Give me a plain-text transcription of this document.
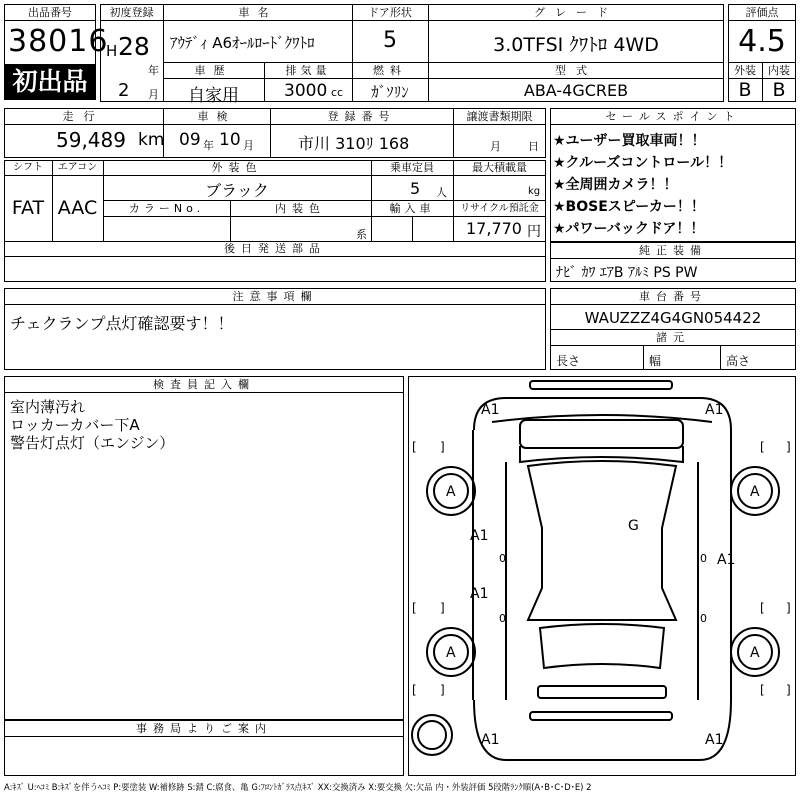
出品番号
38016
初出品
初度登録
H 28
年
2 月
車名
ｱｳﾃﾞｨ A6ｵｰﾙﾛｰﾄﾞｸﾜﾄﾛ
ドア形状
5
グレード
3.0TFSI ｸﾜﾄﾛ 4WD
車歴
自家用
排気量
3000 cc
燃料
ｶﾞｿﾘﾝ
型式
ABA-4GCREB
評価点
4.5
外装	内装
B	B
走行
59,489 km
車検
09 年 10 月
登録番号
市川 310ﾘ 168
譲渡書類期限
月 日
シフト
FAT
エアコン
AAC
外装色
ブラック
乗車定員
5 人
最大積載量
kg
カラーNo.	内装色
系
輸入車	リサイクル預託金
17,770 円
後日発送部品
セールスポイント
★ユーザー買取車両！！
★クルーズコントロール！！
★全周囲カメラ！！
★BOSEスピーカー！！
★パワーバックドア！！
純正装備
ﾅﾋﾞ ｶﾜ ｴｱB ｱﾙﾐ PS PW
注意事項欄
チェクランプ点灯確認要す！！
車台番号
WAUZZZ4G4GN054422
諸元
長さ	幅	高さ
検査員記入欄
室内薄汚れ
ロッカーカバー下A
警告灯点灯（エンジン）
事務局よりご案内
A1	A1
A	A
A1
G
0	0 A1
A1
0	0
A	A
A1	A1
[ ]	[ ]
[ ]	[ ]
[ ]	[ ]
A:ｷｽﾞ U:ﾍｺﾐ B:ｷｽﾞを伴うﾍｺﾐ P:要塗装 W:補修跡 S:錆 C:腐食、亀 G:ﾌﾛﾝﾄｶﾞﾗｽ点ｷｽﾞ XX:交換済み X:要交換 欠:欠品 内・外装評価 5段階ﾗﾝｸ順(A･B･C･D･E) 2
